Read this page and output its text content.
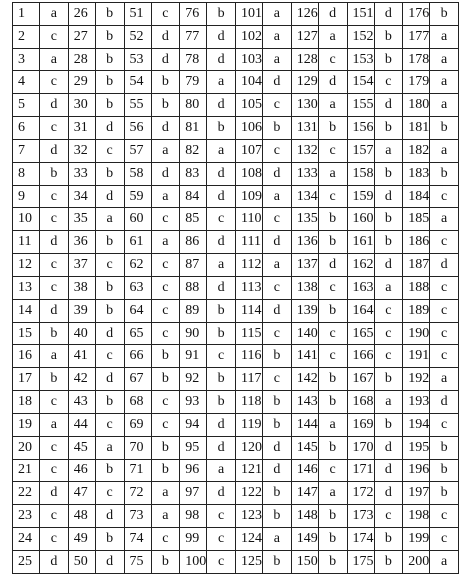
1	a	26	b	51	c	76	b	101	a	126	d	151	d	176	b
2	c	27	b	52	d	77	d	102	a	127	a	152	b	177	a
3	a	28	b	53	d	78	d	103	a	128	c	153	b	178	a
4	c	29	b	54	b	79	a	104	d	129	d	154	c	179	a
5	d	30	b	55	b	80	d	105	c	130	a	155	d	180	a
6	c	31	d	56	d	81	b	106	b	131	b	156	b	181	b
7	d	32	c	57	a	82	a	107	c	132	c	157	a	182	a
8	b	33	b	58	d	83	d	108	d	133	a	158	b	183	b
9	c	34	d	59	a	84	d	109	a	134	c	159	d	184	c
10	c	35	a	60	c	85	c	110	c	135	b	160	b	185	a
11	d	36	b	61	a	86	d	111	d	136	b	161	b	186	c
12	c	37	c	62	c	87	a	112	a	137	d	162	d	187	d
13	c	38	b	63	c	88	d	113	c	138	c	163	a	188	c
14	d	39	b	64	c	89	b	114	d	139	b	164	c	189	c
15	b	40	d	65	c	90	b	115	c	140	c	165	c	190	c
16	a	41	c	66	b	91	c	116	b	141	c	166	c	191	c
17	b	42	d	67	b	92	b	117	c	142	b	167	b	192	a
18	c	43	b	68	c	93	b	118	b	143	b	168	a	193	d
19	a	44	c	69	c	94	d	119	b	144	a	169	b	194	c
20	c	45	a	70	b	95	d	120	d	145	b	170	d	195	b
21	c	46	b	71	b	96	a	121	d	146	c	171	d	196	b
22	d	47	c	72	a	97	d	122	b	147	a	172	d	197	b
23	c	48	d	73	a	98	c	123	b	148	b	173	c	198	c
24	c	49	b	74	c	99	c	124	a	149	b	174	b	199	c
25	d	50	d	75	b	100	c	125	b	150	b	175	b	200	a
